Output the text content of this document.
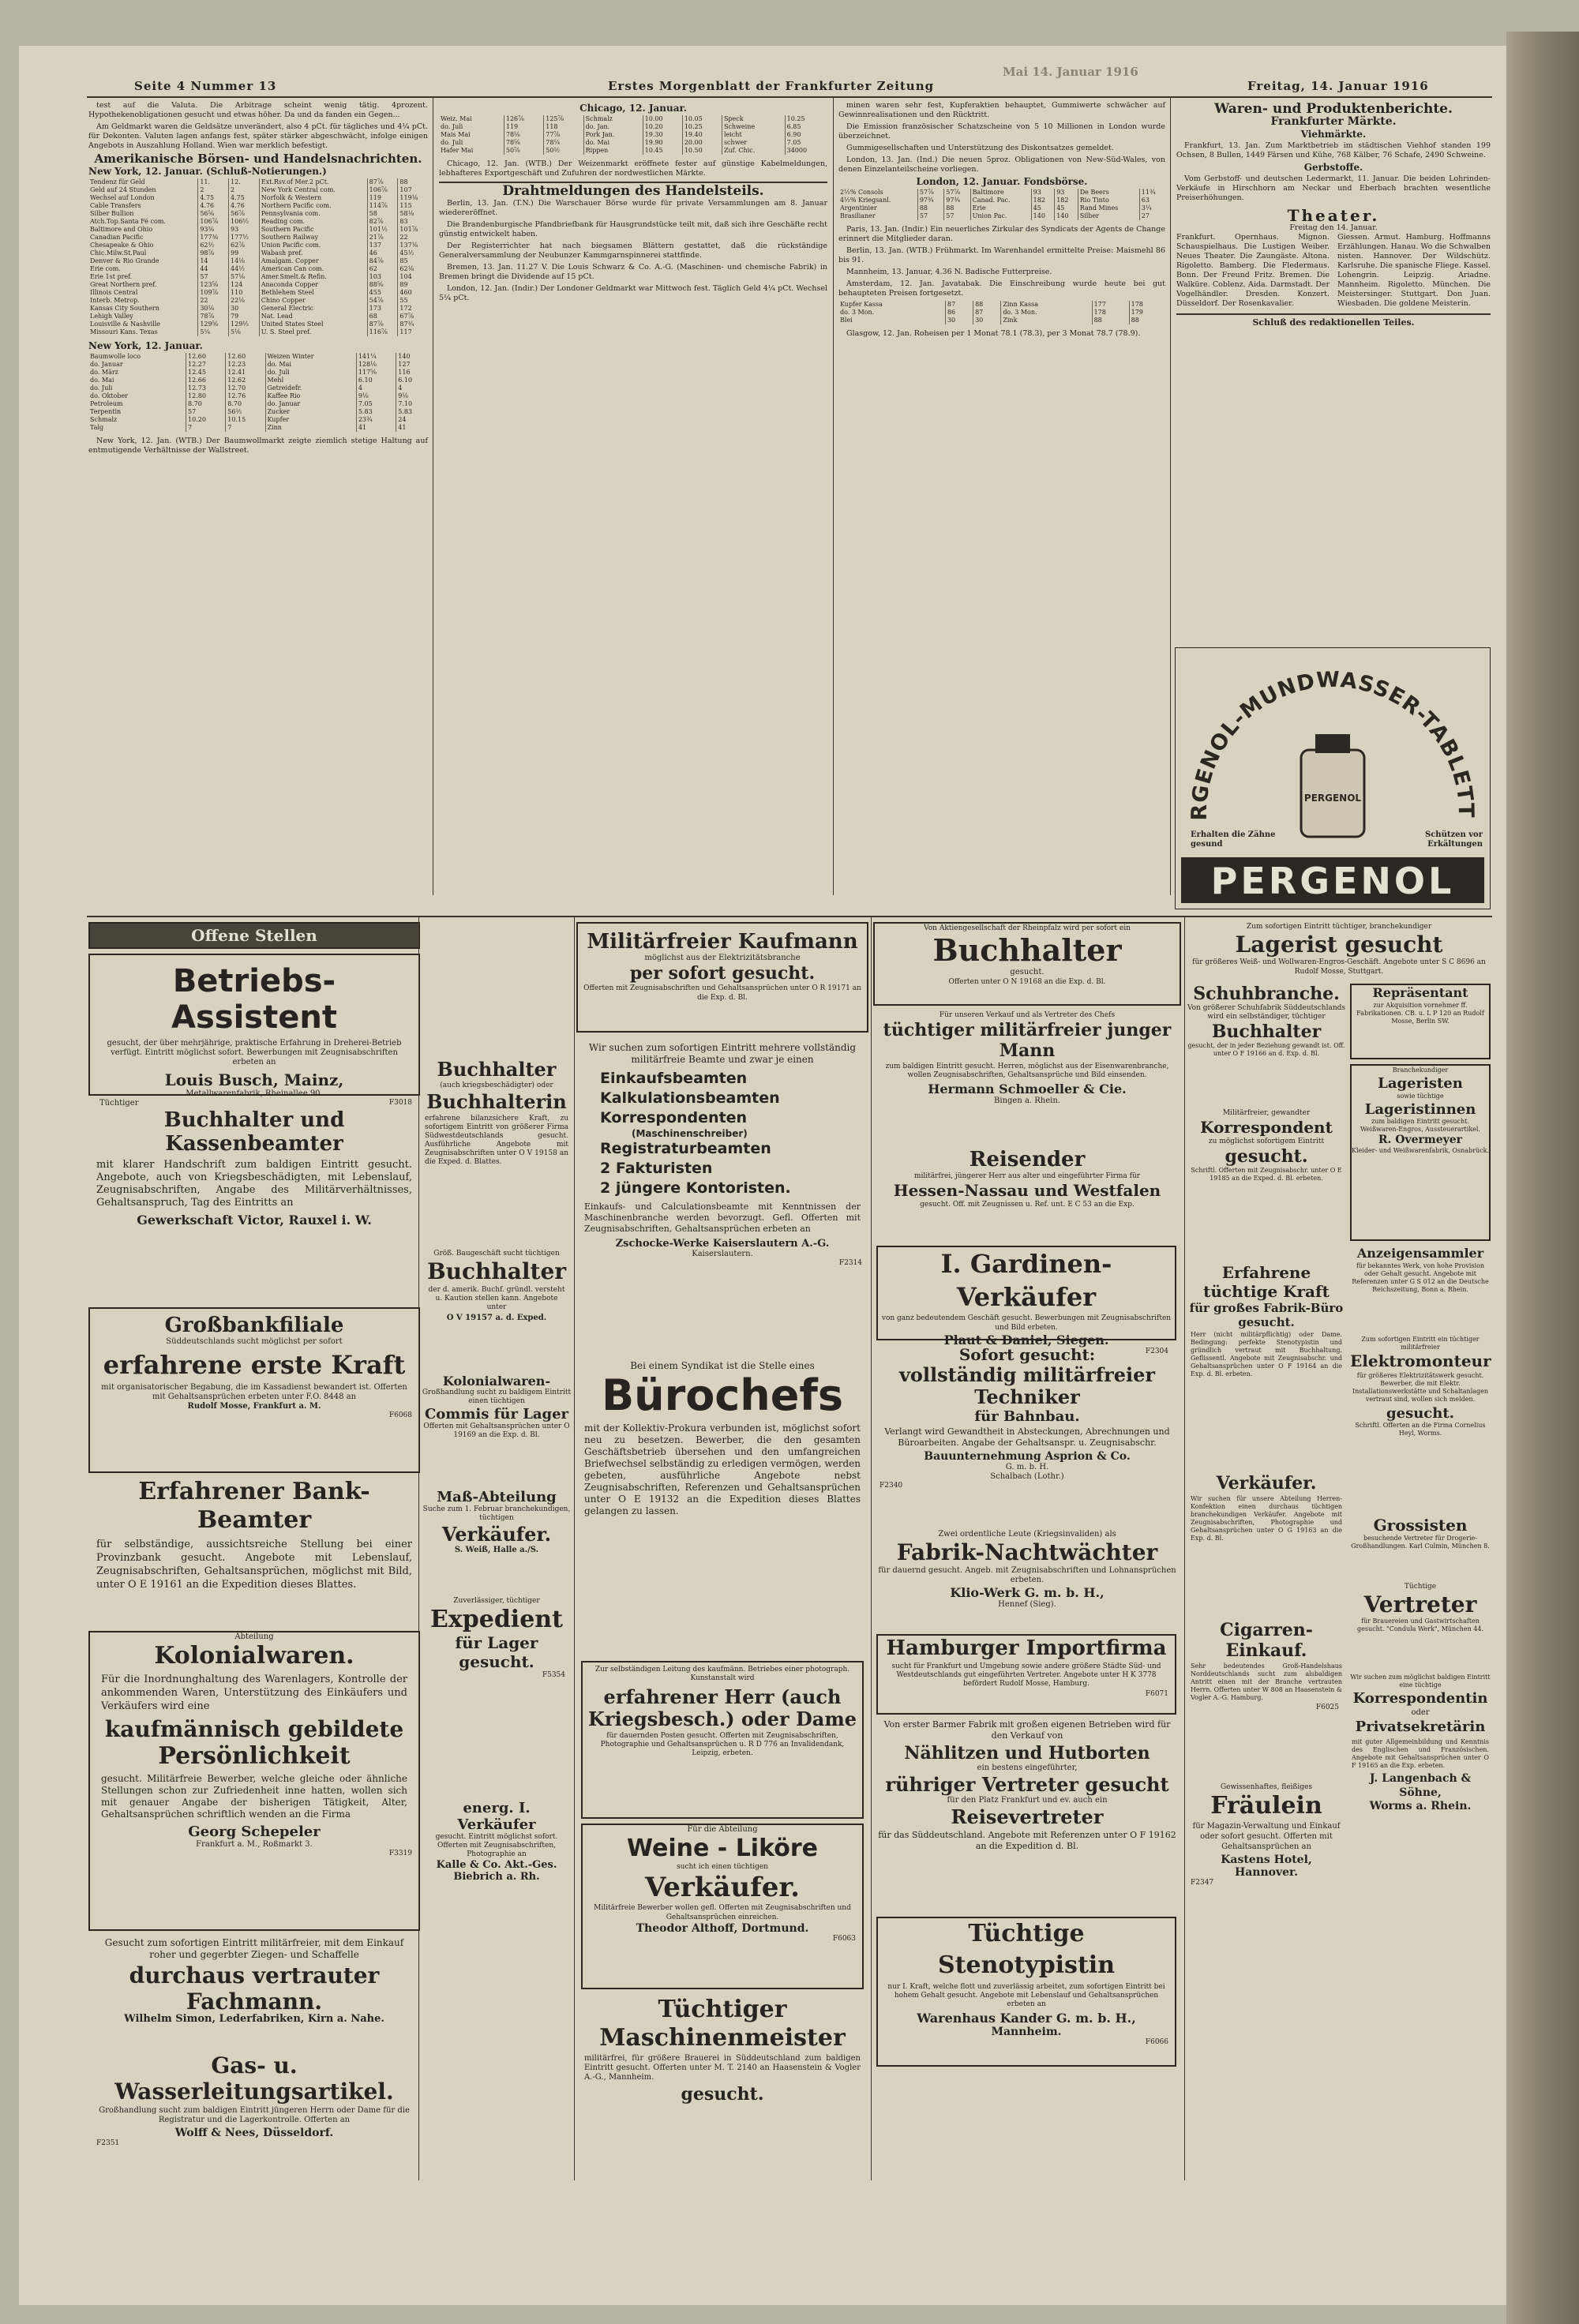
Seite 4 Nummer 13	Erstes Morgenblatt der Frankfurter Zeitung	Freitag, 14. Januar 1916
Mai 14. Januar 1916

test auf die Valuta. Die Arbitrage scheint wenig tätig. 4prozent. Hypothekenobligationen gesucht und etwas höher. Da und da fanden ein Gegen...

Am Geldmarkt waren die Geldsätze unverändert, also 4 pCt. für tägliches und 4¼ pCt. für Dekonten. Valuten lagen anfangs fest, später stärker abgeschwächt, infolge einigen Angebots in Auszahlung Holland. Wien war merklich befestigt.

Amerikanische Börsen- und Handelsnachrichten.
New York, 12. Januar. (Schluß-Notierungen.)
Tendenz für Geld	11.	12.	Ext.Rsv.of Mer.2 pCt.	87⅞	88
Geld auf 24 Stunden	2	2	New York Central com.	106⅞	107
Wechsel auf London	4.75	4.75	Norfolk & Western	119	119⅛
Cable Transfers	4.76	4.76	Northern Pacific com.	114⅞	115
Silber Bullion	56⅝	56⅞	Pennsylvania com.	58	58⅛
Atch.Top.Santa Fé com.	106⅞	106½	Reading com.	82⅞	83
Baltimore and Ohio	93⅛	93	Southern Pacific	101½	101⅞
Canadian Pacific	177⅜	177½	Southern Railway	21⅞	22
Chesapeake & Ohio	62½	62⅞	Union Pacific com.	137	137⅛
Chic.Milw.St.Paul	98⅞	99	Wabash pref.	46	45½
Denver & Rio Grande	14	14⅛	Amalgam. Copper	84⅞	85
Erie com.	44	44½	American Can com.	62	62⅛
Erie 1st pref.	57	57⅛	Amer.Smelt.& Refin.	103	104
Great Northern pref.	123⅝	124	Anaconda Copper	88⅝	89
Illinois Central	109⅞	110	Bethlehem Steel	455	460
Interb. Metrop.	22	22⅛	Chino Copper	54⅞	55
Kansas City Southern	30⅛	30	General Electric	173	172
Lehigh Valley	78⅞	79	Nat. Lead	68	67⅞
Louisville & Nashville	129⅝	129½	United States Steel	87⅞	87¾
Missouri Kans. Texas	5¼	5⅛	U. S. Steel pref.	116⅞	117
New York, 12. Januar.
Baumwolle loco	12.60	12.60	Weizen Winter	141¼	140
do. Januar	12.27	12.23	do. Mai	128⅛	127
do. März	12.45	12.41	do. Juli	117⅝	116
do. Mai	12.66	12.62	Mehl	6.10	6.10
do. Juli	12.73	12.70	Getreidefr.	4	4
do. Oktober	12.80	12.76	Kaffee Rio	9⅛	9⅛
Petroleum	8.70	8.70	do. Januar	7.05	7.10
Terpentin	57	56½	Zucker	5.83	5.83
Schmalz	10.20	10.15	Kupfer	23¾	24
Talg	7	7	Zinn	41	41

New York, 12. Jan. (WTB.) Der Baumwollmarkt zeigte ziemlich stetige Haltung auf entmutigende Verhältnisse der Wallstreet.

Chicago, 12. Januar.
Weiz. Mai	126⅞	125⅞	Schmalz	10.00	10.05	Speck	10.25
do. Juli	119	118	do. Jan.	10.20	10.25	Schweine	6.85
Mais Mai	78⅛	77⅞	Pork Jan.	19.30	19.40	leicht	6.90
do. Juli	78⅝	78¼	do. Mai	19.90	20.00	schwer	7.05
Hafer Mai	50⅞	50½	Rippen	10.45	10.50	Zuf. Chic.	34000

Chicago, 12. Jan. (WTB.) Der Weizenmarkt eröffnete fester auf günstige Kabelmeldungen, lebhafteres Exportgeschäft und Zufuhren der nordwestlichen Märkte.

Drahtmeldungen des Handelsteils.

Berlin, 13. Jan. (T.N.) Die Warschauer Börse wurde für private Versammlungen am 8. Januar wiedereröffnet.

Die Brandenburgische Pfandbriefbank für Hausgrundstücke teilt mit, daß sich ihre Geschäfte recht günstig entwickelt haben.

Der Registerrichter hat nach biegsamen Blättern gestattet, daß die rückständige Generalversammlung der Neubunzer Kammgarnspinnerei stattfinde.

Bremen, 13. Jan. 11.27 V. Die Louis Schwarz & Co. A.-G. (Maschinen- und chemische Fabrik) in Bremen bringt die Dividende auf 15 pCt.

London, 12. Jan. (Indir.) Der Londoner Geldmarkt war Mittwoch fest. Täglich Geld 4¼ pCt. Wechsel 5¼ pCt.

minen waren sehr fest, Kupferaktien behauptet, Gummiwerte schwächer auf Gewinnrealisationen und den Rücktritt.

Die Emission französischer Schatzscheine von 5 10 Millionen in London wurde überzeichnet.

Gummigesellschaften und Unterstützung des Diskontsatzes gemeldet.

London, 13. Jan. (Ind.) Die neuen 5proz. Obligationen von New-Süd-Wales, von denen Einzelanteilscheine vorliegen.

London, 12. Januar. Fondsbörse.
2½% Consols	57⅞	57⅞	Baltimore	93	93	De Beers	11¾
4½% Kriegsanl.	97¾	97¾	Canad. Pac.	182	182	Rio Tinto	63
Argentinier	88	88	Erie	45	45	Rand Mines	3¼
Brasilianer	57	57	Union Pac.	140	140	Silber	27

Paris, 13. Jan. (Indir.) Ein neuerliches Zirkular des Syndicats der Agents de Change erinnert die Mitglieder daran.

Berlin, 13. Jan. (WTB.) Frühmarkt. Im Warenhandel ermittelte Preise: Maismehl 86 bis 91.

Mannheim, 13. Januar, 4.36 N. Badische Futterpreise.

Amsterdam, 12. Jan. Javatabak. Die Einschreibung wurde heute bei gut behaupteten Preisen fortgesetzt.

Kupfer Kassa	87	88	Zinn Kassa	177	178
do. 3 Mon.	86	87	do. 3 Mon.	178	179
Blei	30	30	Zink	88	88

Glasgow, 12. Jan. Roheisen per 1 Monat 78.1 (78.3), per 3 Monat 78.7 (78.9).

Waren- und Produktenberichte.
Frankfurter Märkte.
Viehmärkte.

Frankfurt, 13. Jan. Zum Marktbetrieb im städtischen Viehhof standen 199 Ochsen, 8 Bullen, 1449 Färsen und Kühe, 768 Kälber, 76 Schafe, 2490 Schweine.

Gerbstoffe.

Vom Gerbstoff- und deutschen Ledermarkt, 11. Januar. Die beiden Lohrinden-Verkäufe in Hirschhorn am Neckar und Eberbach brachten wesentliche Preiserhöhungen.

Theater.
Freitag den 14. Januar.
Frankfurt. Opernhaus. Mignon. Schauspielhaus. Die Lustigen Weiber. Neues Theater. Die Zaungäste. Altona. Rigoletto. Bamberg. Die Fledermaus. Bonn. Der Freund Fritz. Bremen. Die Walküre. Coblenz. Aida. Darmstadt. Der Vogelhändler. Dresden. Konzert. Düsseldorf. Der Rosenkavalier.
Giessen. Armut. Hamburg. Hoffmanns Erzählungen. Hanau. Wo die Schwalben nisten. Hannover. Der Wildschütz. Karlsruhe. Die spanische Fliege. Kassel. Lohengrin. Leipzig. Ariadne. Mannheim. Rigoletto. München. Die Meistersinger. Stuttgart. Don Juan. Wiesbaden. Die goldene Meisterin.
Schluß des redaktionellen Teiles.
RGENOL-MUNDWASSER-TABLETT
PERGENOL
PERGENOL
Erhalten die Zähne gesund
Schützen vor Erkältungen
Offene Stellen
Betriebs-Assistent
gesucht, der über mehrjährige, praktische Erfahrung in Dreherei-Betrieb verfügt. Eintritt möglichst sofort. Bewerbungen mit Zeugnisabschriften erbeten an
Louis Busch, Mainz,
Metallwarenfabrik, Rheinallee 90.
F3018
Tüchtiger
Buchhalter und Kassenbeamter
mit klarer Handschrift zum baldigen Eintritt gesucht. Angebote, auch von Kriegsbeschädigten, mit Lebenslauf, Zeugnisabschriften, Angabe des Militärverhältnisses, Gehaltsanspruch, Tag des Eintritts an
Gewerkschaft Victor, Rauxel i. W.
Großbankfiliale
Süddeutschlands sucht möglichst per sofort
erfahrene erste Kraft
mit organisatorischer Begabung, die im Kassadienst bewandert ist. Offerten mit Gehaltsansprüchen erbeten unter F.O. 8448 an
Rudolf Mosse, Frankfurt a. M.
F6068
Erfahrener Bank-Beamter
für selbständige, aussichtsreiche Stellung bei einer Provinzbank gesucht. Angebote mit Lebenslauf, Zeugnisabschriften, Gehaltsansprüchen, möglichst mit Bild, unter O E 19161 an die Expedition dieses Blattes.
Abteilung
Kolonialwaren.
Für die Inordnunghaltung des Warenlagers, Kontrolle der ankommenden Waren, Unterstützung des Einkäufers und Verkäufers wird eine
kaufmännisch gebildete
Persönlichkeit
gesucht. Militärfreie Bewerber, welche gleiche oder ähnliche Stellungen schon zur Zufriedenheit inne hatten, wollen sich mit genauer Angabe der bisherigen Tätigkeit, Alter, Gehaltsansprüchen schriftlich wenden an die Firma
Georg Schepeler
Frankfurt a. M., Roßmarkt 3.
F3319
Gesucht zum sofortigen Eintritt militärfreier, mit dem Einkauf roher und gegerbter Ziegen- und Schaffelle
durchaus vertrauter Fachmann.
Wilhelm Simon, Lederfabriken, Kirn a. Nahe.
Gas- u. Wasserleitungsartikel.
Großhandlung sucht zum baldigen Eintritt jüngeren Herrn oder Dame für die Registratur und die Lagerkontrolle. Offerten an
Wolff & Nees, Düsseldorf.
F2351
Buchhalter
(auch kriegsbeschädigter) oder
Buchhalterin
erfahrene bilanzsichere Kraft, zu sofortigem Eintritt von größerer Firma Südwestdeutschlands gesucht. Ausführliche Angebote mit Zeugnisabschriften unter O V 19158 an die Exped. d. Blattes.
Größ. Baugeschäft sucht tüchtigen
Buchhalter
der d. amerik. Buchf. gründl. versteht u. Kaution stellen kann. Angebote unter
O V 19157 a. d. Exped.
Kolonialwaren-
Großhandlung sucht zu baldigem Eintritt einen tüchtigen
Commis für Lager
Offerten mit Gehaltsansprüchen unter O 19169 an die Exp. d. Bl.
Maß-Abteilung
Suche zum 1. Februar branchekundigen, tüchtigen
Verkäufer.
S. Weiß, Halle a./S.
Zuverlässiger, tüchtiger
Expedient
für Lager gesucht.
F5354
energ. I. Verkäufer
gesucht. Eintritt möglichst sofort. Offerten mit Zeugnisabschriften, Photographie an
Kalle & Co. Akt.-Ges.
Biebrich a. Rh.
Militärfreier Kaufmann
möglichst aus der Elektrizitätsbranche
per sofort gesucht.
Offerten mit Zeugnisabschriften und Gehaltsansprüchen unter O R 19171 an die Exp. d. Bl.
Wir suchen zum sofortigen Eintritt mehrere vollständig militärfreie Beamte und zwar je einen
Einkaufsbeamten
Kalkulationsbeamten
Korrespondenten
(Maschinenschreiber)
Registraturbeamten
2 Fakturisten
2 jüngere Kontoristen.
Einkaufs- und Calculationsbeamte mit Kenntnissen der Maschinenbranche werden bevorzugt. Gefl. Offerten mit Zeugnisabschriften, Gehaltsansprüchen erbeten an
Zschocke-Werke Kaiserslautern A.-G.
Kaiserslautern.
F2314
Bei einem Syndikat ist die Stelle eines
Bürochefs
mit der Kollektiv-Prokura verbunden ist, möglichst sofort neu zu besetzen. Bewerber, die den gesamten Geschäftsbetrieb übersehen und den umfangreichen Briefwechsel selbständig zu erledigen vermögen, werden gebeten, ausführliche Angebote nebst Zeugnisabschriften, Referenzen und Gehaltsansprüchen unter O E 19132 an die Expedition dieses Blattes gelangen zu lassen.
Zur selbständigen Leitung des kaufmänn. Betriebes einer photograph. Kunstanstalt wird
erfahrener Herr (auch Kriegsbesch.) oder Dame
für dauernden Posten gesucht. Offerten mit Zeugnisabschriften, Photographie und Gehaltsansprüchen u. R D 776 an Invalidendank, Leipzig, erbeten.
Für die Abteilung
Weine - Liköre
sucht ich einen tüchtigen
Verkäufer.
Militärfreie Bewerber wollen gefl. Offerten mit Zeugnisabschriften und Gehaltsansprüchen einreichen.
Theodor Althoff, Dortmund.
F6063
Tüchtiger Maschinenmeister
militärfrei, für größere Brauerei in Süddeutschland zum baldigen Eintritt gesucht. Offerten unter M. T. 2140 an Haasenstein & Vogler A.-G., Mannheim.
gesucht.
Von Aktiengesellschaft der Rheinpfalz wird per sofort ein
Buchhalter
gesucht.
Offerten unter O N 19168 an die Exp. d. Bl.
Für unseren Verkauf und als Vertreter des Chefs
tüchtiger militärfreier junger Mann
zum baldigen Eintritt gesucht. Herren, möglichst aus der Eisenwarenbranche, wollen Zeugnisabschriften, Gehaltsansprüche und Bild einsenden.
Hermann Schmoeller & Cie.
Bingen a. Rhein.
Reisender
militärfrei, jüngerer Herr aus alter und eingeführter Firma für
Hessen-Nassau und Westfalen
gesucht. Off. mit Zeugnissen u. Ref. unt. E C 53 an die Exp.
I. Gardinen-Verkäufer
von ganz bedeutendem Geschäft gesucht. Bewerbungen mit Zeugnisabschriften und Bild erbeten.
Plaut & Daniel, Siegen.
F2304
Sofort gesucht:
vollständig militärfreier Techniker
für Bahnbau.
Verlangt wird Gewandtheit in Absteckungen, Abrechnungen und Büroarbeiten. Angabe der Gehaltsanspr. u. Zeugnisabschr.
Bauunternehmung Asprion & Co.
G. m. b. H.
Schalbach (Lothr.)
F2340
Zwei ordentliche Leute (Kriegsinvaliden) als
Fabrik-Nachtwächter
für dauernd gesucht. Angeb. mit Zeugnisabschriften und Lohnansprüchen erbeten.
Klio-Werk G. m. b. H.,
Hennef (Sieg).
Hamburger Importfirma
sucht für Frankfurt und Umgebung sowie andere größere Städte Süd- und Westdeutschlands gut eingeführten Vertreter. Angebote unter H K 3778 befördert Rudolf Mosse, Hamburg.
F6071
Von erster Barmer Fabrik mit großen eigenen Betrieben wird für den Verkauf von
Nählitzen und Hutborten
ein bestens eingeführter,
rühriger Vertreter gesucht
für den Platz Frankfurt und ev. auch ein
Reisevertreter
für das Süddeutschland. Angebote mit Referenzen unter O F 19162 an die Expedition d. Bl.
Tüchtige Stenotypistin
nur I. Kraft, welche flott und zuverlässig arbeitet, zum sofortigen Eintritt bei hohem Gehalt gesucht. Angebote mit Lebenslauf und Gehaltsansprüchen erbeten an
Warenhaus Kander G. m. b. H.,
Mannheim.
F6066
Zum sofortigen Eintritt tüchtiger, branchekundiger
Lagerist gesucht
für größeres Weiß- und Wollwaren-Engros-Geschäft. Angebote unter S C 8696 an Rudolf Mosse, Stuttgart.
Schuhbranche.
Von größerer Schuhfabrik Süddeutschlands wird ein selbständiger, tüchtiger
Buchhalter
gesucht, der in jeder Beziehung gewandt ist. Off. unter O F 19166 an d. Exp. d. Bl.
Militärfreier, gewandter
Korrespondent
zu möglichst sofortigem Eintritt
gesucht.
Schriftl. Offerten mit Zeugnisabschr. unter O E 19185 an die Exped. d. Bl. erbeten.
Erfahrene tüchtige Kraft
für großes Fabrik-Büro gesucht.
Herr (nicht militärpflichtig) oder Dame. Bedingung: perfekte Stenotypistin und gründlich vertraut mit Buchhaltung. Geflissentl. Angebote mit Zeugnisabschr. und Gehaltsansprüchen unter O F 19164 an die Exp. d. Bl. erbeten.
Verkäufer.
Wir suchen für unsere Abteilung Herren-Konfektion einen durchaus tüchtigen branchekundigen Verkäufer. Angebote mit Zeugnisabschriften, Photographie und Gehaltsansprüchen unter O G 19163 an die Exp. d. Bl.
Cigarren-Einkauf.
Sehr bedeutendes Groß-Handelshaus Norddeutschlands sucht zum alsbaldigen Antritt einen mit der Branche vertrauten Herrn. Offerten unter W 808 an Haasenstein & Vogler A.-G. Hamburg.
F6025
Gewissenhaftes, fleißiges
Fräulein
für Magazin-Verwaltung und Einkauf oder sofort gesucht. Offerten mit Gehaltsansprüchen an
Kastens Hotel,
Hannover.
F2347
Repräsentant
zur Akquisition vornehmer ff. Fabrikationen. CB. u. L P 120 an Rudolf Mosse, Berlin SW.
Branchekundiger
Lageristen
sowie tüchtige
Lageristinnen
zum baldigen Eintritt gesucht. Weißwaren-Engros, Aussteuerartikel.
R. Overmeyer
Kleider- und Weißwarenfabrik, Osnabrück.
Anzeigensammler
für bekanntes Werk, von hohe Provision oder Gehalt gesucht. Angebote mit Referenzen unter G S 012 an die Deutsche Reichszeitung, Bonn a. Rhein.
Zum sofortigen Eintritt ein tüchtiger militärfreier
Elektromonteur
für größeres Elektrizitätswerk gesucht. Bewerber, die mit Elektr. Installationswerkstätte und Schaltanlagen vertraut sind, wollen sich melden.
gesucht.
Schriftl. Offerten an die Firma Cornelius Heyl, Worms.
Grossisten
besuchende Vertreter für Drogerie-Großhandlungen. Karl Culmin, München 8.
Tüchtige
Vertreter
für Brauereien und Gastwirtschaften gesucht. "Condula Werk", München 44.
Wir suchen zum möglichst baldigen Eintritt eine tüchtige
Korrespondentin
oder
Privatsekretärin
mit guter Allgemeinbildung und Kenntnis des Englischen und Französischen. Angebote mit Gehaltsansprüchen unter O F 19165 an die Exp. erbeten.
J. Langenbach & Söhne,
Worms a. Rhein.
